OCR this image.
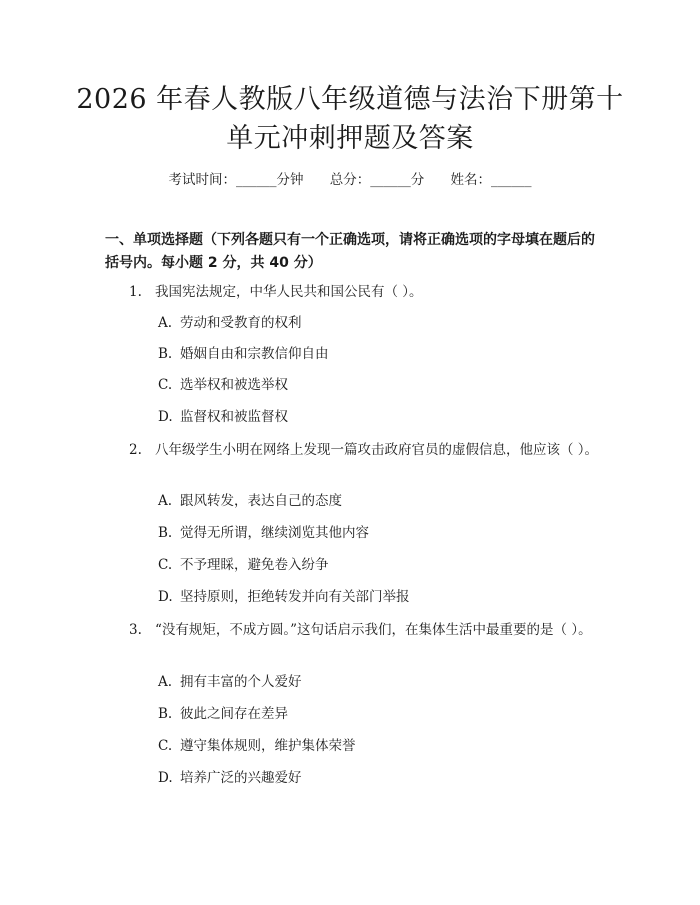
2026 年春人教版八年级道德与法治下册第十
单元冲刺押题及答案
考试时间：______分钟 总分：______分 姓名：______
一、单项选择题（下列各题只有一个正确选项，请将正确选项的字母填在题后的括号内。每小题 2 分，共 40 分）
1. 我国宪法规定，中华人民共和国公民有（ ）。
A. 劳动和受教育的权利
B. 婚姻自由和宗教信仰自由
C. 选举权和被选举权
D. 监督权和被监督权
2. 八年级学生小明在网络上发现一篇攻击政府官员的虚假信息，他应该（ ）。
A. 跟风转发，表达自己的态度
B. 觉得无所谓，继续浏览其他内容
C. 不予理睬，避免卷入纷争
D. 坚持原则，拒绝转发并向有关部门举报
3. “没有规矩，不成方圆。”这句话启示我们，在集体生活中最重要的是（ ）。
A. 拥有丰富的个人爱好
B. 彼此之间存在差异
C. 遵守集体规则，维护集体荣誉
D. 培养广泛的兴趣爱好
